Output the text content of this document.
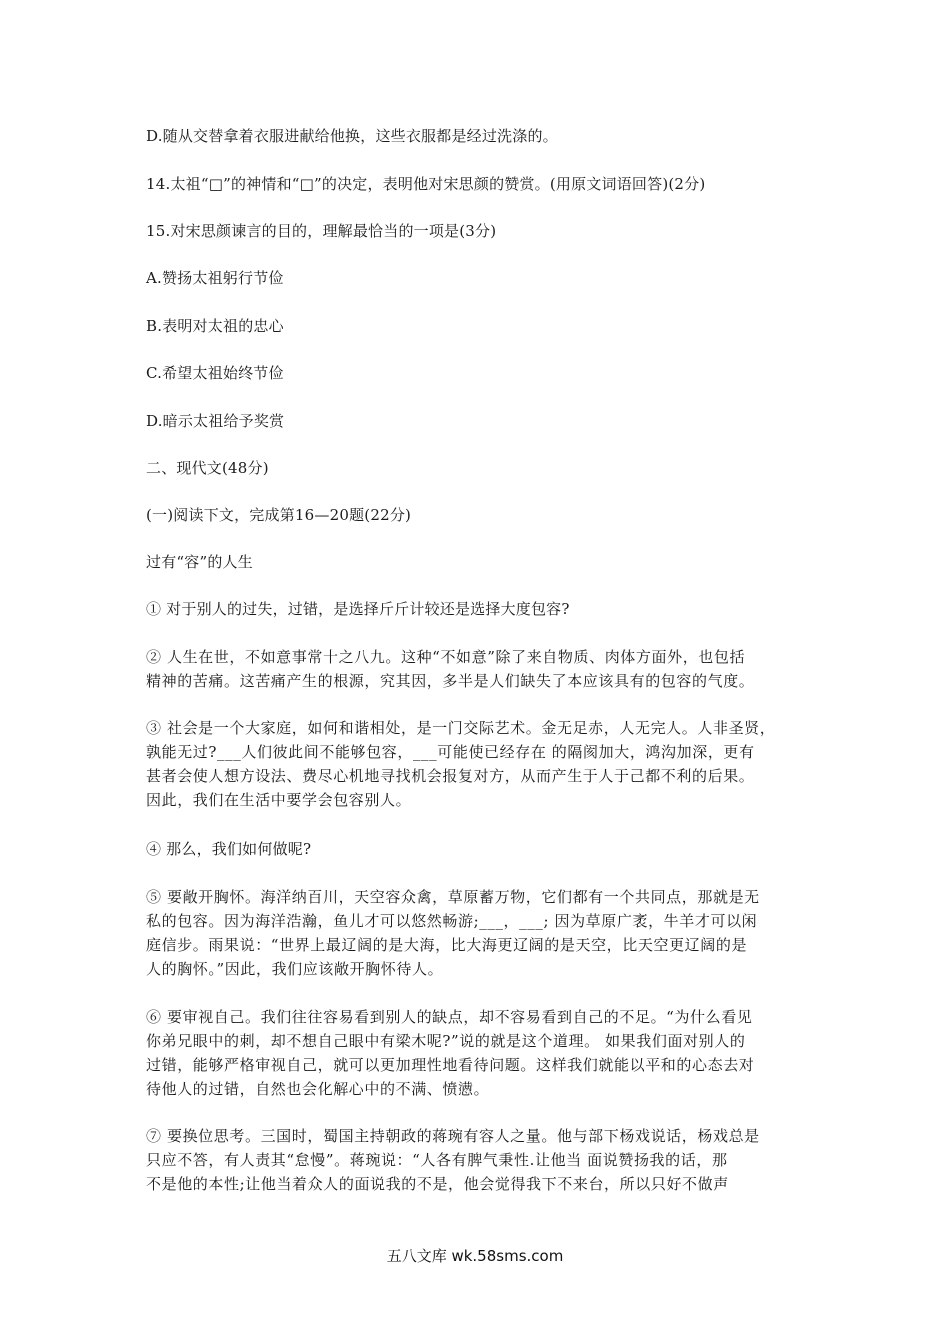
D.随从交替拿着衣服进献给他换，这些衣服都是经过洗涤的。
14.太祖“□”的神情和“□”的决定，表明他对宋思颜的赞赏。(用原文词语回答)(2分)
15.对宋思颜谏言的目的，理解最恰当的一项是(3分)
A.赞扬太祖躬行节俭
B.表明对太祖的忠心
C.希望太祖始终节俭
D.暗示太祖给予奖赏
二、现代文(48分)
(一)阅读下文，完成第16—20题(22分)
过有“容”的人生
① 对于别人的过失，过错，是选择斤斤计较还是选择大度包容?
② 人生在世，不如意事常十之八九。这种“不如意”除了来自物质、肉体方面外，也包括
精神的苦痛。这苦痛产生的根源，究其因，多半是人们缺失了本应该具有的包容的气度。
③ 社会是一个大家庭，如何和谐相处，是一门交际艺术。金无足赤，人无完人。人非圣贤，
孰能无过?___人们彼此间不能够包容，___可能使已经存在 的隔阂加大，鸿沟加深，更有
甚者会使人想方设法、费尽心机地寻找机会报复对方，从而产生于人于己都不利的后果。
因此，我们在生活中要学会包容别人。
④ 那么，我们如何做呢?
⑤ 要敞开胸怀。海洋纳百川，天空容众禽，草原蓄万物，它们都有一个共同点，那就是无
私的包容。因为海洋浩瀚，鱼儿才可以悠然畅游;___，___; 因为草原广袤，牛羊才可以闲
庭信步。雨果说：“世界上最辽阔的是大海，比大海更辽阔的是天空，比天空更辽阔的是
人的胸怀。”因此，我们应该敞开胸怀待人。
⑥ 要审视自己。我们往往容易看到别人的缺点，却不容易看到自己的不足。“为什么看见
你弟兄眼中的刺，却不想自己眼中有梁木呢?”说的就是这个道理。 如果我们面对别人的
过错，能够严格审视自己，就可以更加理性地看待问题。这样我们就能以平和的心态去对
待他人的过错，自然也会化解心中的不满、愤懑。
⑦ 要换位思考。三国时，蜀国主持朝政的蒋琬有容人之量。他与部下杨戏说话，杨戏总是
只应不答，有人责其“怠慢”。蒋琬说：“人各有脾气秉性.让他当 面说赞扬我的话，那
不是他的本性;让他当着众人的面说我的不是，他会觉得我下不来台，所以只好不做声
五八文库 wk.58sms.com
